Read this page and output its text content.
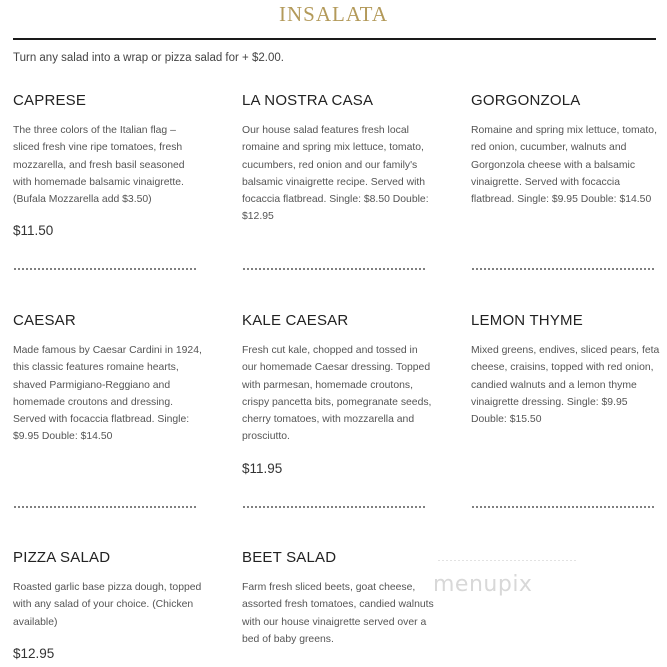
INSALATA
Turn any salad into a wrap or pizza salad for + $2.00.
CAPRESE
The three colors of the Italian flag – sliced fresh vine ripe tomatoes, fresh mozzarella, and fresh basil seasoned with homemade balsamic vinaigrette. (Bufala Mozzarella add $3.50)
$11.50
LA NOSTRA CASA
Our house salad features fresh local romaine and spring mix lettuce, tomato, cucumbers, red onion and our family's balsamic vinaigrette recipe. Served with focaccia flatbread. Single: $8.50 Double: $12.95
GORGONZOLA
Romaine and spring mix lettuce, tomato, red onion, cucumber, walnuts and Gorgonzola cheese with a balsamic vinaigrette. Served with focaccia flatbread. Single: $9.95 Double: $14.50
CAESAR
Made famous by Caesar Cardini in 1924, this classic features romaine hearts, shaved Parmigiano-Reggiano and homemade croutons and dressing. Served with focaccia flatbread. Single: $9.95 Double: $14.50
KALE CAESAR
Fresh cut kale, chopped and tossed in our homemade Caesar dressing. Topped with parmesan, homemade croutons, crispy pancetta bits, pomegranate seeds, cherry tomatoes, with mozzarella and prosciutto.
$11.95
LEMON THYME
Mixed greens, endives, sliced pears, feta cheese, craisins, topped with red onion, candied walnuts and a lemon thyme vinaigrette dressing. Single: $9.95 Double: $15.50
PIZZA SALAD
Roasted garlic base pizza dough, topped with any salad of your choice. (Chicken available)
$12.95
BEET SALAD
Farm fresh sliced beets, goat cheese, assorted fresh tomatoes, candied walnuts with our house vinaigrette served over a bed of baby greens.
menupix
